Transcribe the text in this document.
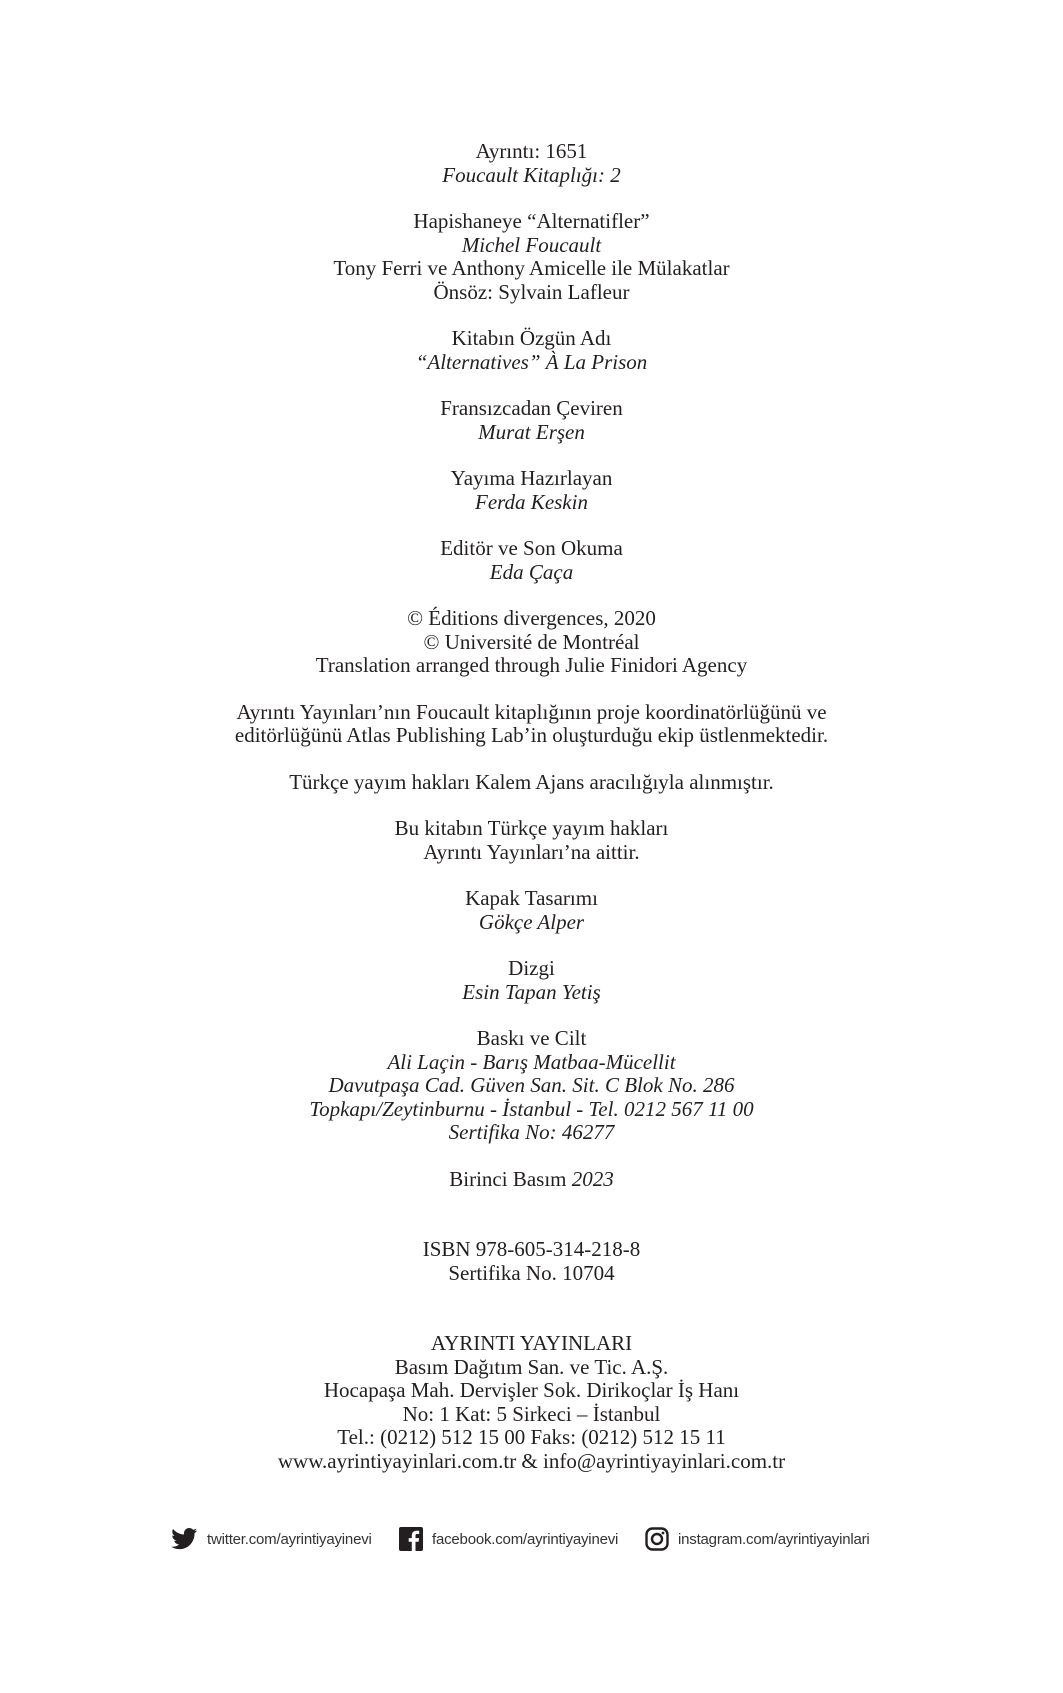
Ayrıntı: 1651
Foucault Kitaplığı: 2
Hapishaneye “Alternatifler”
Michel Foucault
Tony Ferri ve Anthony Amicelle ile Mülakatlar
Önsöz: Sylvain Lafleur
Kitabın Özgün Adı
“Alternatives” À La Prison
Fransızcadan Çeviren
Murat Erşen
Yayıma Hazırlayan
Ferda Keskin
Editör ve Son Okuma
Eda Çaça
© Éditions divergences, 2020
© Université de Montréal
Translation arranged through Julie Finidori Agency
Ayrıntı Yayınları’nın Foucault kitaplığının proje koordinatörlüğünü ve
editörlüğünü Atlas Publishing Lab’in oluşturduğu ekip üstlenmektedir.
Türkçe yayım hakları Kalem Ajans aracılığıyla alınmıştır.
Bu kitabın Türkçe yayım hakları
Ayrıntı Yayınları’na aittir.
Kapak Tasarımı
Gökçe Alper
Dizgi
Esin Tapan Yetiş
Baskı ve Cilt
Ali Laçin - Barış Matbaa-Mücellit
Davutpaşa Cad. Güven San. Sit. C Blok No. 286
Topkapı/Zeytinburnu - İstanbul - Tel. 0212 567 11 00
Sertifika No: 46277
Birinci Basım 2023
ISBN 978-605-314-218-8
Sertifika No. 10704
AYRINTI YAYINLARI
Basım Dağıtım San. ve Tic. A.Ş.
Hocapaşa Mah. Dervişler Sok. Dirikoçlar İş Hanı
No: 1 Kat: 5 Sirkeci – İstanbul
Tel.: (0212) 512 15 00 Faks: (0212) 512 15 11
www.ayrintiyayinlari.com.tr & info@ayrintiyayinlari.com.tr
twitter.com/ayrintiyayinevi	facebook.com/ayrintiyayinevi	instagram.com/ayrintiyayinlari
